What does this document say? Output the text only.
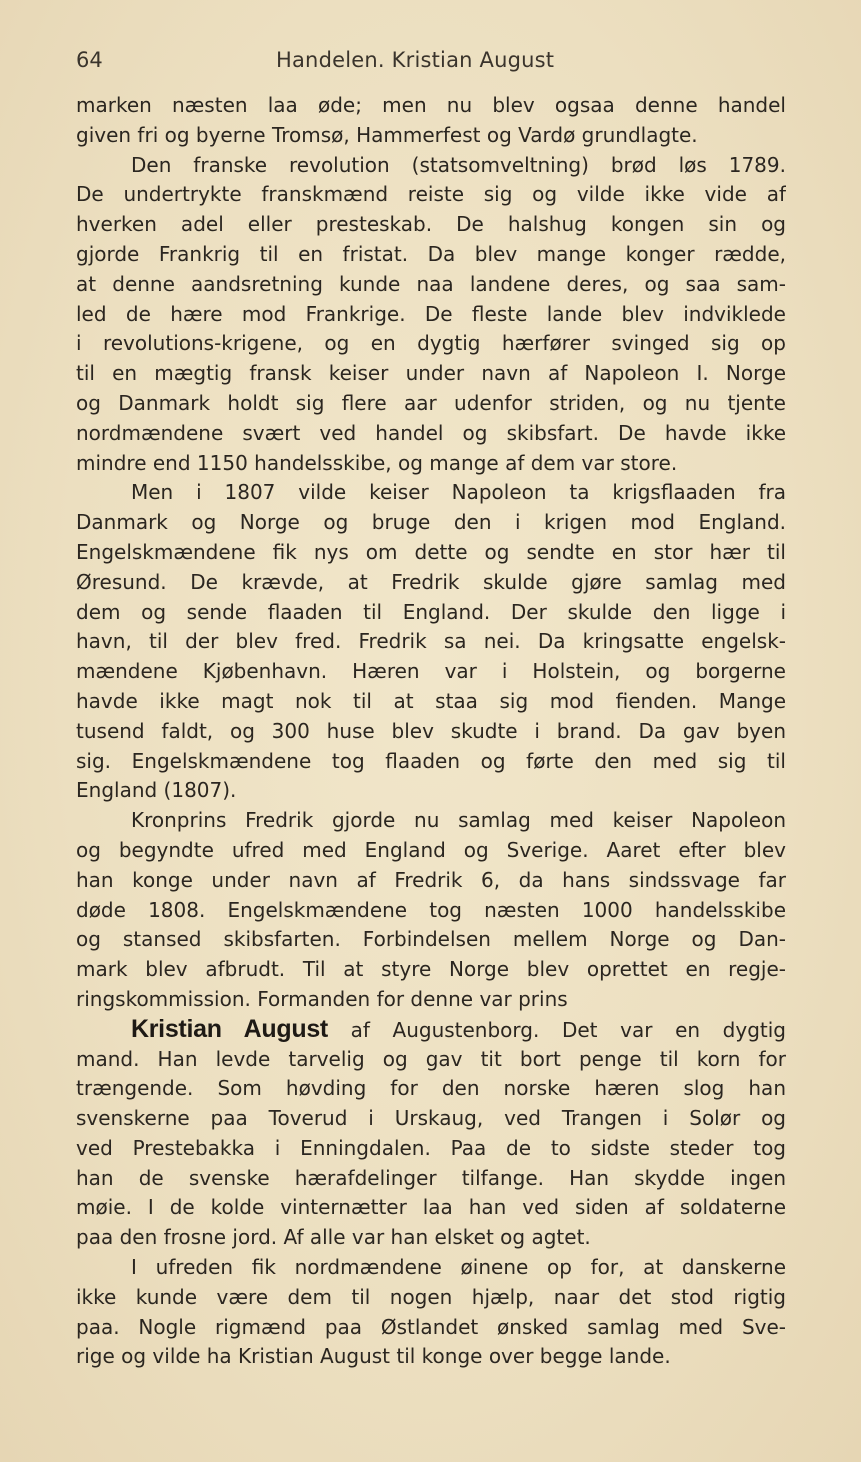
64	Handelen. Kristian August
marken næsten laa øde; men nu blev ogsaa denne handel
given fri og byerne Tromsø, Hammerfest og Vardø grundlagte.
Den franske revolution (statsomveltning) brød løs 1789.
De undertrykte franskmænd reiste sig og vilde ikke vide af
hverken adel eller presteskab. De halshug kongen sin og
gjorde Frankrig til en fristat. Da blev mange konger rædde,
at denne aandsretning kunde naa landene deres, og saa sam-
led de hære mod Frankrige. De fleste lande blev indviklede
i revolutions-krigene, og en dygtig hærfører svinged sig op
til en mægtig fransk keiser under navn af Napoleon I. Norge
og Danmark holdt sig flere aar udenfor striden, og nu tjente
nordmændene svært ved handel og skibsfart. De havde ikke
mindre end 1150 handelsskibe, og mange af dem var store.
Men i 1807 vilde keiser Napoleon ta krigsflaaden fra
Danmark og Norge og bruge den i krigen mod England.
Engelskmændene fik nys om dette og sendte en stor hær til
Øresund. De krævde, at Fredrik skulde gjøre samlag med
dem og sende flaaden til England. Der skulde den ligge i
havn, til der blev fred. Fredrik sa nei. Da kringsatte engelsk-
mændene Kjøbenhavn. Hæren var i Holstein, og borgerne
havde ikke magt nok til at staa sig mod fienden. Mange
tusend faldt, og 300 huse blev skudte i brand. Da gav byen
sig. Engelskmændene tog flaaden og førte den med sig til
England (1807).
Kronprins Fredrik gjorde nu samlag med keiser Napoleon
og begyndte ufred med England og Sverige. Aaret efter blev
han konge under navn af Fredrik 6, da hans sindssvage far
døde 1808. Engelskmændene tog næsten 1000 handelsskibe
og stansed skibsfarten. Forbindelsen mellem Norge og Dan-
mark blev afbrudt. Til at styre Norge blev oprettet en regje-
ringskommission. Formanden for denne var prins
Kristian August af Augustenborg. Det var en dygtig
mand. Han levde tarvelig og gav tit bort penge til korn for
trængende. Som høvding for den norske hæren slog han
svenskerne paa Toverud i Urskaug, ved Trangen i Solør og
ved Prestebakka i Enningdalen. Paa de to sidste steder tog
han de svenske hærafdelinger tilfange. Han skydde ingen
møie. I de kolde vinternætter laa han ved siden af soldaterne
paa den frosne jord. Af alle var han elsket og agtet.
I ufreden fik nordmændene øinene op for, at danskerne
ikke kunde være dem til nogen hjælp, naar det stod rigtig
paa. Nogle rigmænd paa Østlandet ønsked samlag med Sve-
rige og vilde ha Kristian August til konge over begge lande.
